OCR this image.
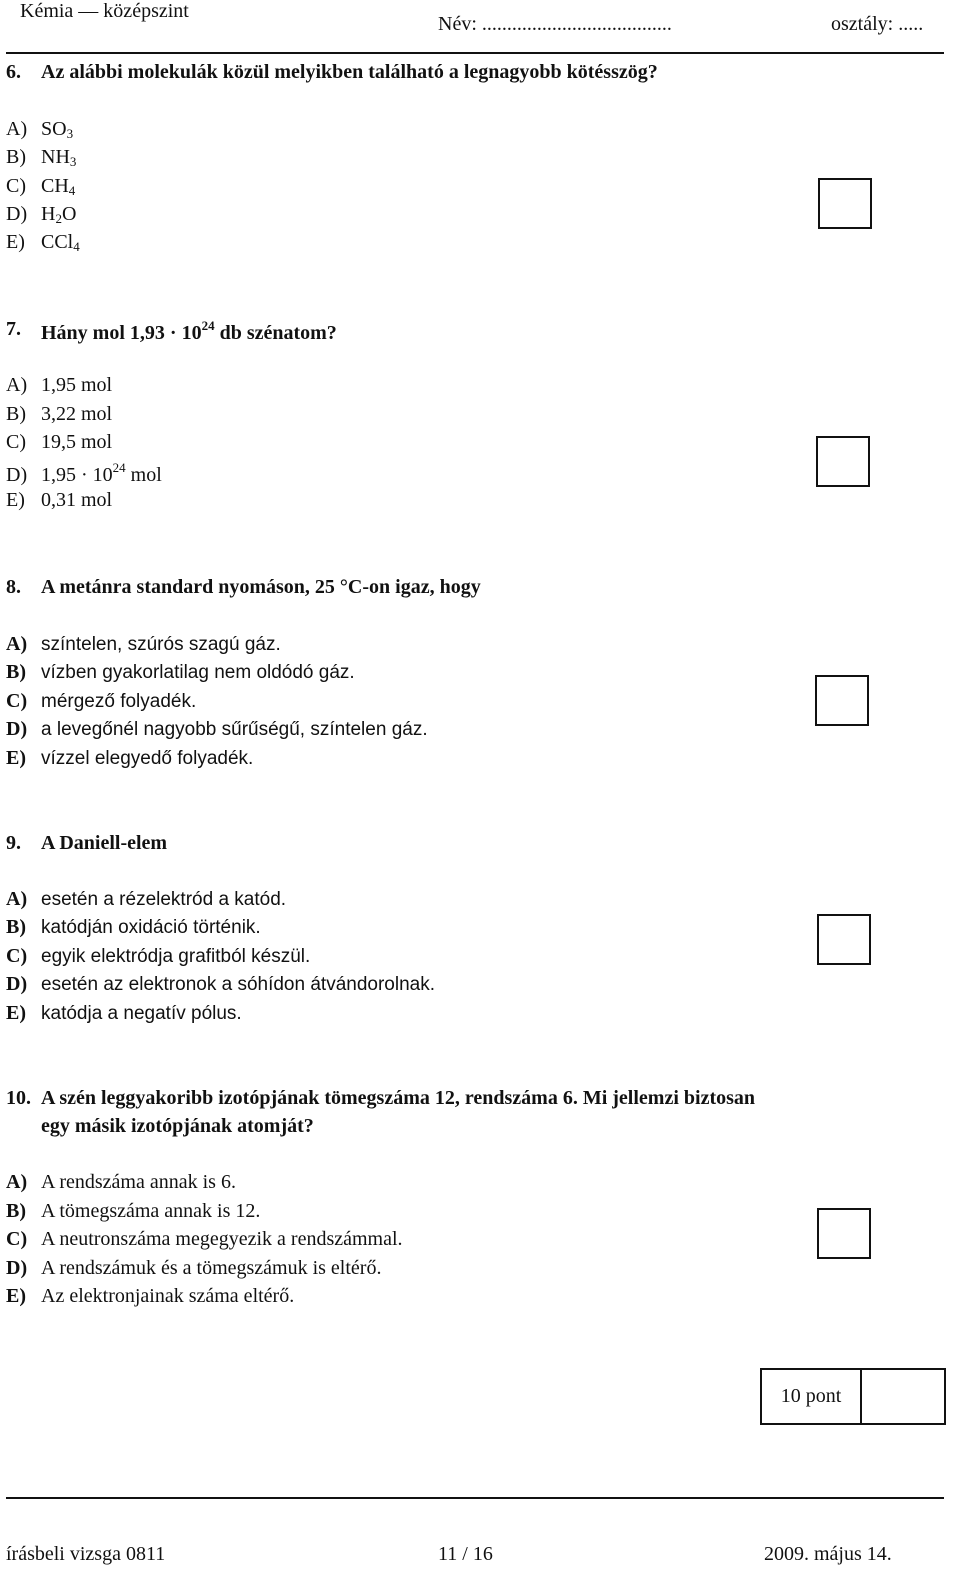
Kémia — középszint
Név: ......................................	osztály: .....
6. Az alábbi molekulák közül melyikben található a legnagyobb kötésszög?
A) $SO_3$
B) $NH_3$
C) $CH_4$
D) $H_2O$
E) CCl$_4$
7. Hány mol $1,93 \cdot 10^{24}$ db szénatom?
A) 1,95 mol
B) 3,22 mol
C) 19,5 mol
D) $1,95 \cdot 10^{24}$ mol
E) 0,31 mol
8. A metánra standard nyomáson, 25 °C-on igaz, hogy
A) színtelen, szúrós szagú gáz.
B) vízben gyakorlatilag nem oldódó gáz.
C) mérgező folyadék.
D) a levegőnél nagyobb sűrűségű, színtelen gáz.
E) vízzel elegyedő folyadék.
9. A Daniell-elem
A) esetén a rézelektród a katód.
B) katódján oxidáció történik.
C) egyik elektródja grafitból készül.
D) esetén az elektronok a sóhídon átvándorolnak.
E) katódja a negatív pólus.
10. A szén leggyakoribb izotópjának tömegszáma 12, rendszáma 6. Mi jellemzi biztosan
egy másik izotópjának atomját?
A) A rendszáma annak is 6.
B) A tömegszáma annak is 12.
C) A neutronszáma megegyezik a rendszámmal.
D) A rendszámuk és a tömegszámuk is eltérő.
E) Az elektronjainak száma eltérő.
10 pont
írásbeli vizsga 0811	11 / 16	2009. május 14.
